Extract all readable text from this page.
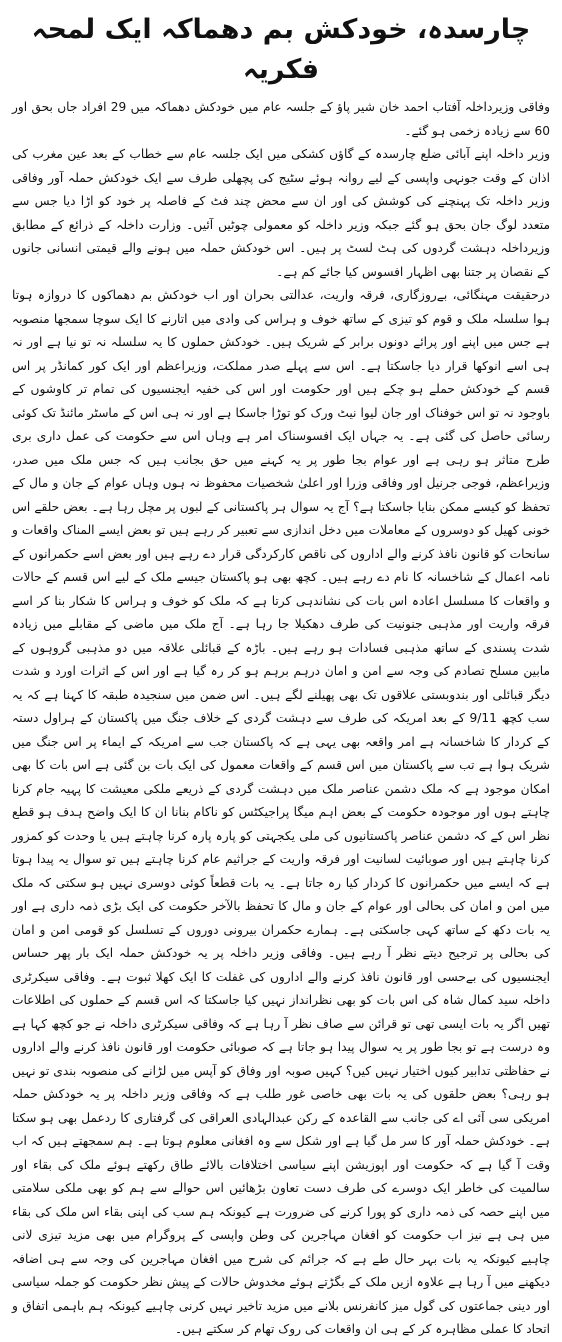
چارسدہ، خودکش بم دھماکہ ایک لمحہ فکریہ

وفاقی وزیرداخلہ آفتاب احمد خان شیر پاؤ کے جلسہ عام میں خودکش دھماکہ میں 29 افراد جاں بحق اور 60 سے زیادہ زخمی ہو گئے۔

وزیر داخلہ اپنے آبائی ضلع چارسدہ کے گاؤں کشکی میں ایک جلسہ عام سے خطاب کے بعد عین مغرب کی اذان کے وقت جونہی واپسی کے لیے روانہ ہوئے سٹیج کی پچھلی طرف سے ایک خودکش حملہ آور وفاقی وزیر داخلہ تک پہنچنے کی کوشش کی اور ان سے محض چند فٹ کے فاصلہ پر خود کو اڑا دیا جس سے متعدد لوگ جان بحق ہو گئے جبکہ وزیر داخلہ کو معمولی چوٹیں آئیں۔ وزارت داخلہ کے ذرائع کے مطابق وزیرداخلہ دہشت گردوں کی ہٹ لسٹ پر ہیں۔ اس خودکش حملہ میں ہونے والے قیمتی انسانی جانوں کے نقصان پر جتنا بھی اظہار افسوس کیا جائے کم ہے۔

درحقیقت مہنگائی، بےروزگاری، فرقہ واریت، عدالتی بحران اور اب خودکش بم دھماکوں کا دروازہ ہوتا ہوا سلسلہ ملک و قوم کو تیزی کے ساتھ خوف و ہراس کی وادی میں اتارنے کا ایک سوچا سمجھا منصوبہ ہے جس میں اپنے اور پرائے دونوں برابر کے شریک ہیں۔ خودکش حملوں کا یہ سلسلہ نہ تو نیا ہے اور نہ ہی اسے انوکھا قرار دیا جاسکتا ہے۔ اس سے پہلے صدر مملکت، وزیراعظم اور ایک کور کمانڈر پر اس قسم کے خودکش حملے ہو چکے ہیں اور حکومت اور اس کی خفیہ ایجنسیوں کی تمام تر کاوشوں کے باوجود نہ تو اس خوفناک اور جان لیوا نیٹ ورک کو توڑا جاسکا ہے اور نہ ہی اس کے ماسٹر مائنڈ تک کوئی رسائی حاصل کی گئی ہے۔ یہ جہاں ایک افسوسناک امر ہے وہاں اس سے حکومت کی عمل داری بری طرح متاثر ہو رہی ہے اور عوام بجا طور پر یہ کہنے میں حق بجانب ہیں کہ جس ملک میں صدر، وزیراعظم، فوجی جرنیل اور وفاقی وزرا اور اعلیٰ شخصیات محفوظ نہ ہوں وہاں عوام کے جان و مال کے تحفظ کو کیسے ممکن بنایا جاسکتا ہے؟ آج یہ سوال ہر پاکستانی کے لبوں پر مچل رہا ہے۔ بعض حلقے اس خونی کھیل کو دوسروں کے معاملات میں دخل اندازی سے تعبیر کر رہے ہیں تو بعض ایسے المناک واقعات و سانحات کو قانون نافذ کرنے والے اداروں کی ناقص کارکردگی قرار دے رہے ہیں اور بعض اسے حکمرانوں کے نامہ اعمال کے شاخسانہ کا نام دے رہے ہیں۔ کچھ بھی ہو پاکستان جیسے ملک کے لیے اس قسم کے حالات و واقعات کا مسلسل اعادہ اس بات کی نشاندہی کرتا ہے کہ ملک کو خوف و ہراس کا شکار بنا کر اسے فرقہ واریت اور مذہبی جنونیت کی طرف دھکیلا جا رہا ہے۔ آج ملک میں ماضی کے مقابلے میں زیادہ شدت پسندی کے ساتھ مذہبی فسادات ہو رہے ہیں۔ باڑہ کے قبائلی علاقہ میں دو مذہبی گروہوں کے مابین مسلح تصادم کی وجہ سے امن و امان درہم برہم ہو کر رہ گیا ہے اور اس کے اثرات اورد و شدت دیگر قبائلی اور بندوبستی علاقوں تک بھی پھیلنے لگے ہیں۔ اس ضمن میں سنجیدہ طبقہ کا کہنا ہے کہ یہ سب کچھ 9/11 کے بعد امریکہ کی طرف سے دہشت گردی کے خلاف جنگ میں پاکستان کے ہراول دستہ کے کردار کا شاخسانہ ہے امر واقعہ بھی یہی ہے کہ پاکستان جب سے امریکہ کے ایماء پر اس جنگ میں شریک ہوا ہے تب سے پاکستان میں اس قسم کے واقعات معمول کی ایک بات بن گئی ہے اس بات کا بھی امکان موجود ہے کہ ملک دشمن عناصر ملک میں دہشت گردی کے ذریعے ملکی معیشت کا پہیہ جام کرنا چاہتے ہوں اور موجودہ حکومت کے بعض اہم میگا پراجیکٹس کو ناکام بنانا ان کا ایک واضح ہدف ہو قطع نظر اس کے کہ دشمن عناصر پاکستانیوں کی ملی یکجہتی کو پارہ پارہ کرنا چاہتے ہیں یا وحدت کو کمزور کرنا چاہتے ہیں اور صوبائیت لسانیت اور فرقہ واریت کے جراثیم عام کرنا چاہتے ہیں تو سوال یہ پیدا ہوتا ہے کہ ایسے میں حکمرانوں کا کردار کیا رہ جاتا ہے۔ یہ بات قطعاً کوئی دوسری نہیں ہو سکتی کہ ملک میں امن و امان کی بحالی اور عوام کے جان و مال کا تحفظ بالآخر حکومت کی ایک بڑی ذمہ داری ہے اور یہ بات دکھ کے ساتھ کہی جاسکتی ہے۔ ہمارے حکمران بیرونی دوروں کے تسلسل کو قومی امن و امان کی بحالی پر ترجیح دیتے نظر آ رہے ہیں۔ وفاقی وزیر داخلہ پر یہ خودکش حملہ ایک بار پھر حساس ایجنسیوں کی بےحسی اور قانون نافذ کرنے والے اداروں کی غفلت کا ایک کھلا ثبوت ہے۔ وفاقی سیکرٹری داخلہ سید کمال شاہ کی اس بات کو بھی نظرانداز نہیں کیا جاسکتا کہ اس قسم کے حملوں کی اطلاعات تھیں اگر یہ بات ایسی تھی تو قرائن سے صاف نظر آ رہا ہے کہ وفاقی سیکرٹری داخلہ نے جو کچھ کہا ہے وہ درست ہے تو بجا طور پر یہ سوال پیدا ہو جاتا ہے کہ صوبائی حکومت اور قانون نافذ کرنے والے اداروں نے حفاظتی تدابیر کیوں اختیار نہیں کیں؟ کہیں صوبہ اور وفاق کو آپس میں لڑانے کی منصوبہ بندی تو نہیں ہو رہی؟ بعض حلقوں کی یہ بات بھی خاصی غور طلب ہے کہ وفاقی وزیر داخلہ پر یہ خودکش حملہ امریکی سی آئی اے کی جانب سے القاعدہ کے رکن عبدالہادی العراقی کی گرفتاری کا ردعمل بھی ہو سکتا ہے۔ خودکش حملہ آور کا سر مل گیا ہے اور شکل سے وہ افغانی معلوم ہوتا ہے۔ ہم سمجھتے ہیں کہ اب وقت آ گیا ہے کہ حکومت اور اپوزیشن اپنے سیاسی اختلافات بالائے طاق رکھتے ہوئے ملک کی بقاء اور سالمیت کی خاطر ایک دوسرے کی طرف دست تعاون بڑھائیں اس حوالے سے ہم کو بھی ملکی سلامتی میں اپنے حصہ کی ذمہ داری کو پورا کرنے کی ضرورت ہے کیونکہ ہم سب کی اپنی بقاء اس ملک کی بقاء میں ہی ہے نیز اب حکومت کو افغان مہاجرین کی وطن واپسی کے پروگرام میں بھی مزید تیزی لانی چاہیے کیونکہ یہ بات بہر حال طے ہے کہ جرائم کی شرح میں افغان مہاجرین کی وجہ سے ہی اضافہ دیکھنے میں آ رہا ہے علاوہ ازیں ملک کے بگڑتے ہوئے مخدوش حالات کے پیش نظر حکومت کو جملہ سیاسی اور دینی جماعتوں کی گول میز کانفرنس بلانے میں مزید تاخیر نہیں کرنی چاہیے کیونکہ ہم باہمی اتفاق و اتحاد کا عملی مظاہرہ کر کے ہی ان واقعات کی روک تھام کر سکتے ہیں۔
